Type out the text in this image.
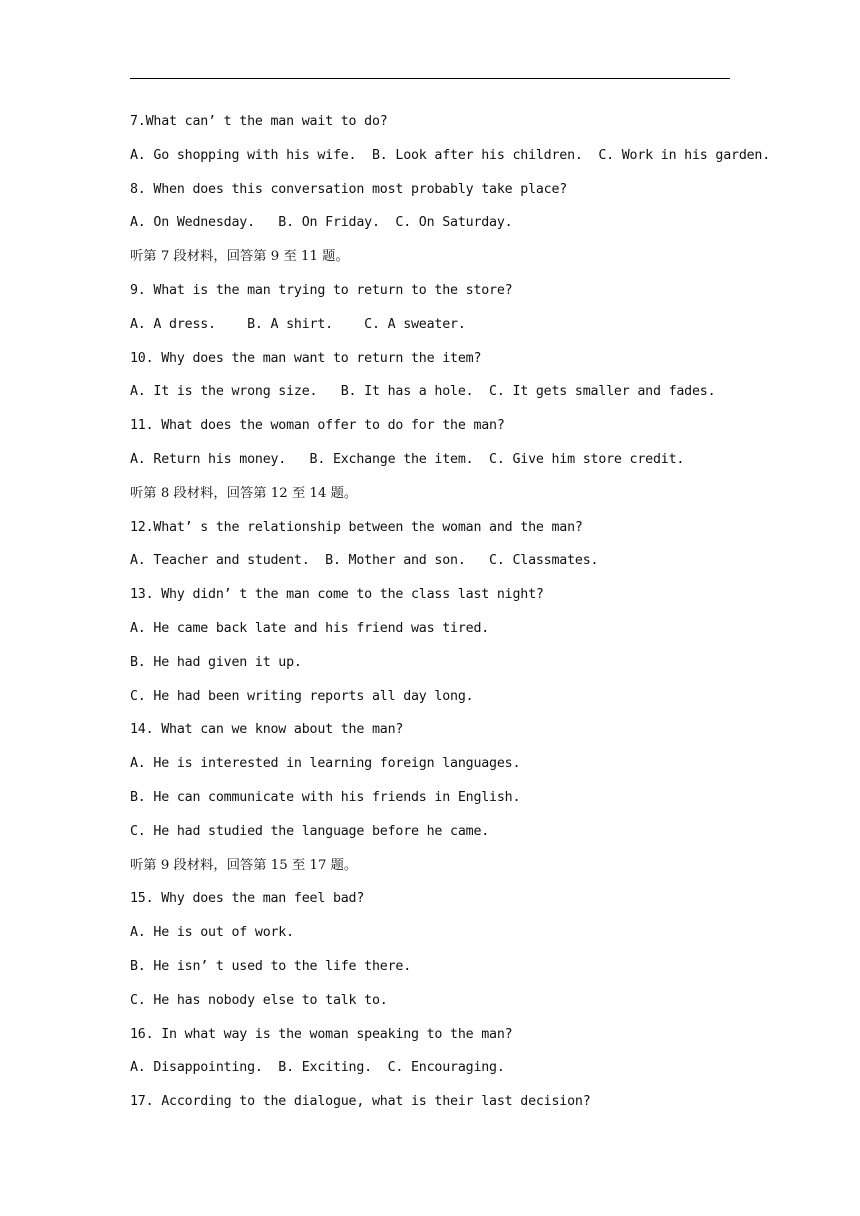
7.What can’ t the man wait to do?
A. Go shopping with his wife.  B. Look after his children.  C. Work in his garden.
8. When does this conversation most probably take place?
A. On Wednesday.   B. On Friday.  C. On Saturday.
听第 7 段材料，回答第 9 至 11 题。
9. What is the man trying to return to the store?
A. A dress.    B. A shirt.    C. A sweater.
10. Why does the man want to return the item?
A. It is the wrong size.   B. It has a hole.  C. It gets smaller and fades.
11. What does the woman offer to do for the man?
A. Return his money.   B. Exchange the item.  C. Give him store credit.
听第 8 段材料，回答第 12 至 14 题。
12.What’ s the relationship between the woman and the man?
A. Teacher and student.  B. Mother and son.   C. Classmates.
13. Why didn’ t the man come to the class last night?
A. He came back late and his friend was tired.
B. He had given it up.
C. He had been writing reports all day long.
14. What can we know about the man?
A. He is interested in learning foreign languages.
B. He can communicate with his friends in English.
C. He had studied the language before he came.
听第 9 段材料，回答第 15 至 17 题。
15. Why does the man feel bad?
A. He is out of work.
B. He isn’ t used to the life there.
C. He has nobody else to talk to.
16. In what way is the woman speaking to the man?
A. Disappointing.  B. Exciting.  C. Encouraging.
17. According to the dialogue, what is their last decision?
